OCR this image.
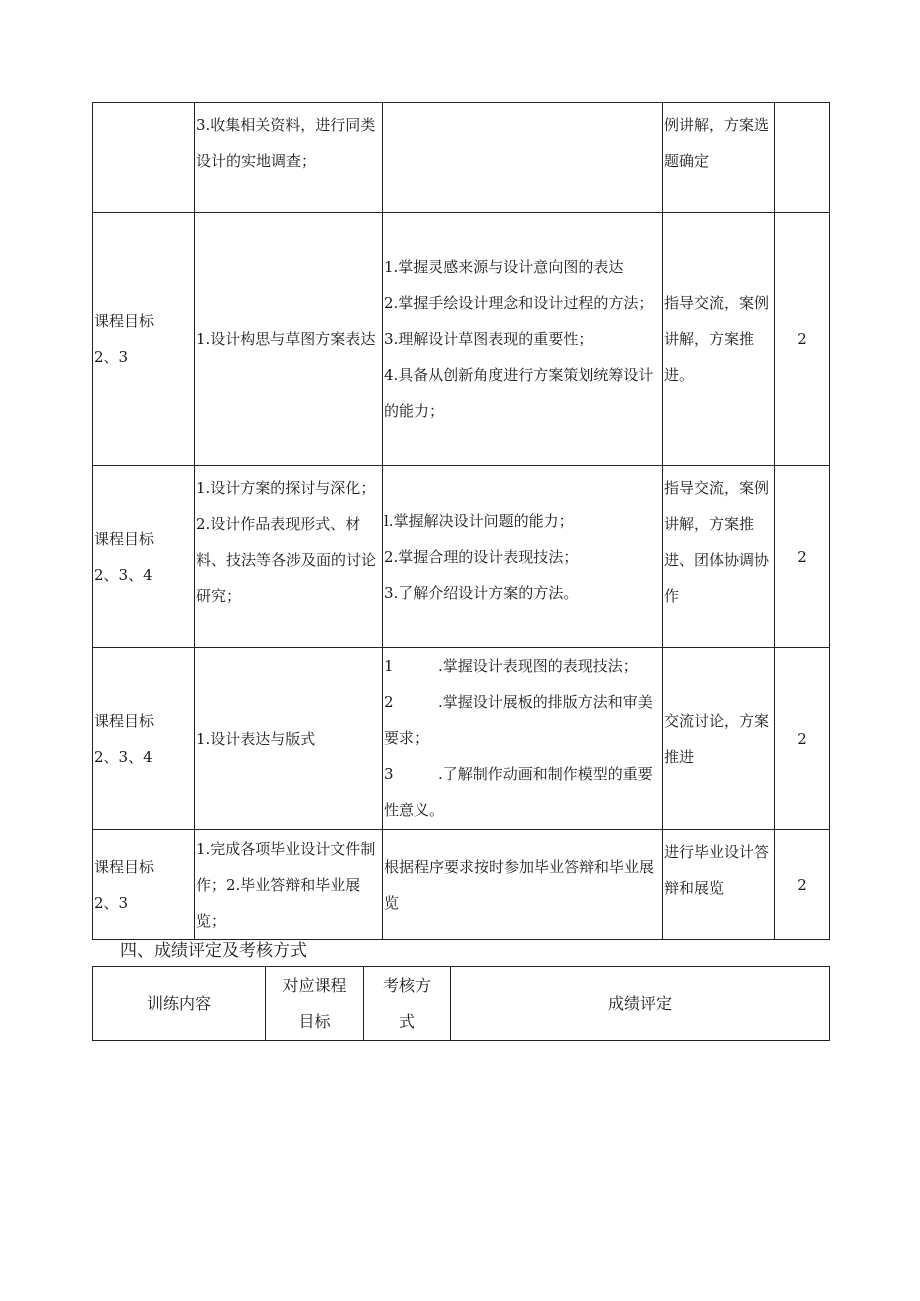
	3.收集相关资料，进行同类设计的实地调查；		例讲解，方案选题确定	

课程目标
2、3	1.设计构思与草图方案表达	1.掌握灵感来源与设计意向图的表达
2.掌握手绘设计理念和设计过程的方法；
3.理解设计草图表现的重要性；
4.具备从创新角度进行方案策划统筹设计的能力；	指导交流，案例讲解，方案推进。	2

课程目标
2、3、4	1.设计方案的探讨与深化；
2.设计作品表现形式、材料、技法等各涉及面的讨论研究；	l.掌握解决设计问题的能力；
2.掌握合理的设计表现技法；
3.了解介绍设计方案的方法。	指导交流，案例讲解，方案推进、团体协调协作	2

课程目标
2、3、4	1.设计表达与版式	1 .掌握设计表现图的表现技法；
2 .掌握设计展板的排版方法和审美要求；
3 .了解制作动画和制作模型的重要性意义。	交流讨论，方案推进	2

课程目标
2、3	1.完成各项毕业设计文件制作；2.毕业答辩和毕业展览；	根据程序要求按时参加毕业答辩和毕业展览	进行毕业设计答辩和展览	2
四、成绩评定及考核方式
训练内容	对应课程目标	考核方式	成绩评定
